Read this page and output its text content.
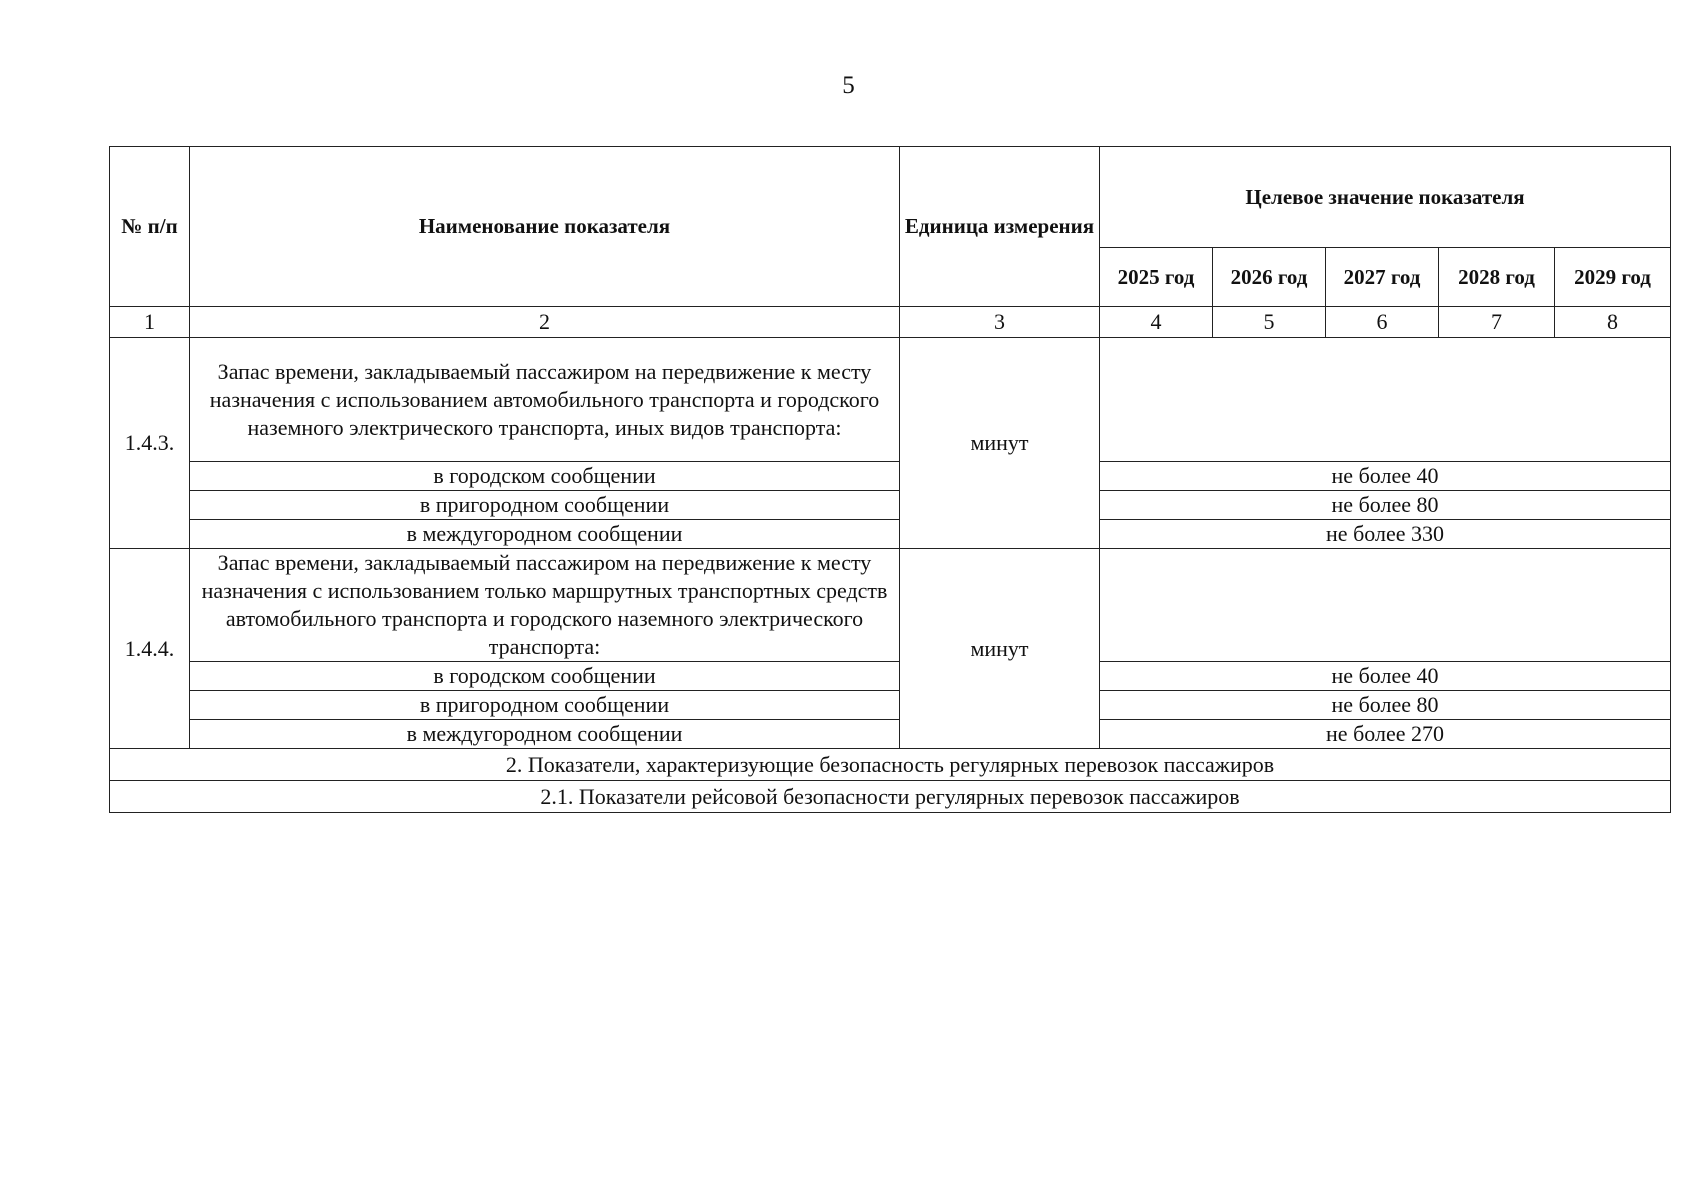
5
№ п/п	Наименование показателя	Единица измерения	Целевое значение показателя				
			2025 год	2026 год	2027 год	2028 год	2029 год
1	2	3	4	5	6	7	8
1.4.3.	Запас времени, закладываемый пассажиром на передвижение к месту назначения с использованием автомобильного транспорта и городского наземного электрического транспорта, иных видов транспорта:	минут					
	в городском сообщении		не более 40				
	в пригородном сообщении		не более 80				
	в междугородном сообщении		не более 330				
1.4.4.	Запас времени, закладываемый пассажиром на передвижение к месту назначения с использованием только маршрутных транспортных средств автомобильного транспорта и городского наземного электрического транспорта:	минут					
	в городском сообщении		не более 40				
	в пригородном сообщении		не более 80				
	в междугородном сообщении		не более 270				
2. Показатели, характеризующие безопасность регулярных перевозок пассажиров							
2.1. Показатели рейсовой безопасности регулярных перевозок пассажиров							
